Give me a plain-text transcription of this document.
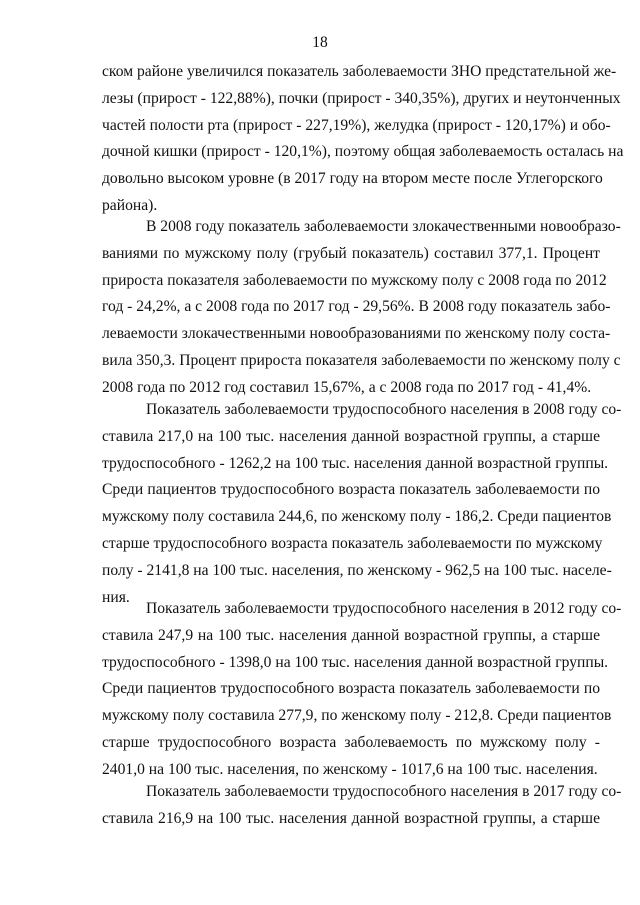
18
ском районе увеличился показатель заболеваемости ЗНО предстательной же-
лезы (прирост - 122,88%), почки (прирост - 340,35%), других и неутонченных
частей полости рта (прирост - 227,19%), желудка (прирост - 120,17%) и обо-
дочной кишки (прирост - 120,1%), поэтому общая заболеваемость осталась на
довольно высоком уровне (в 2017 году на втором месте после Углегорского
района).
В 2008 году показатель заболеваемости злокачественными новообразо-
ваниями по мужскому полу (грубый показатель) составил 377,1. Процент
прироста показателя заболеваемости по мужскому полу с 2008 года по 2012
год - 24,2%, а с 2008 года по 2017 год - 29,56%. В 2008 году показатель забо-
леваемости злокачественными новообразованиями по женскому полу соста-
вила 350,3. Процент прироста показателя заболеваемости по женскому полу с
2008 года по 2012 год составил 15,67%, а с 2008 года по 2017 год - 41,4%.
Показатель заболеваемости трудоспособного населения в 2008 году со-
ставила 217,0 на 100 тыс. населения данной возрастной группы, а старше
трудоспособного - 1262,2 на 100 тыс. населения данной возрастной группы.
Среди пациентов трудоспособного возраста показатель заболеваемости по
мужскому полу составила 244,6, по женскому полу - 186,2. Среди пациентов
старше трудоспособного возраста показатель заболеваемости по мужскому
полу - 2141,8 на 100 тыс. населения, по женскому - 962,5 на 100 тыс. населе-
ния.
Показатель заболеваемости трудоспособного населения в 2012 году со-
ставила 247,9 на 100 тыс. населения данной возрастной группы, а старше
трудоспособного - 1398,0 на 100 тыс. населения данной возрастной группы.
Среди пациентов трудоспособного возраста показатель заболеваемости по
мужскому полу составила 277,9, по женскому полу - 212,8. Среди пациентов
старше трудоспособного возраста заболеваемость по мужскому полу -
2401,0 на 100 тыс. населения, по женскому - 1017,6 на 100 тыс. населения.
Показатель заболеваемости трудоспособного населения в 2017 году со-
ставила 216,9 на 100 тыс. населения данной возрастной группы, а старше
